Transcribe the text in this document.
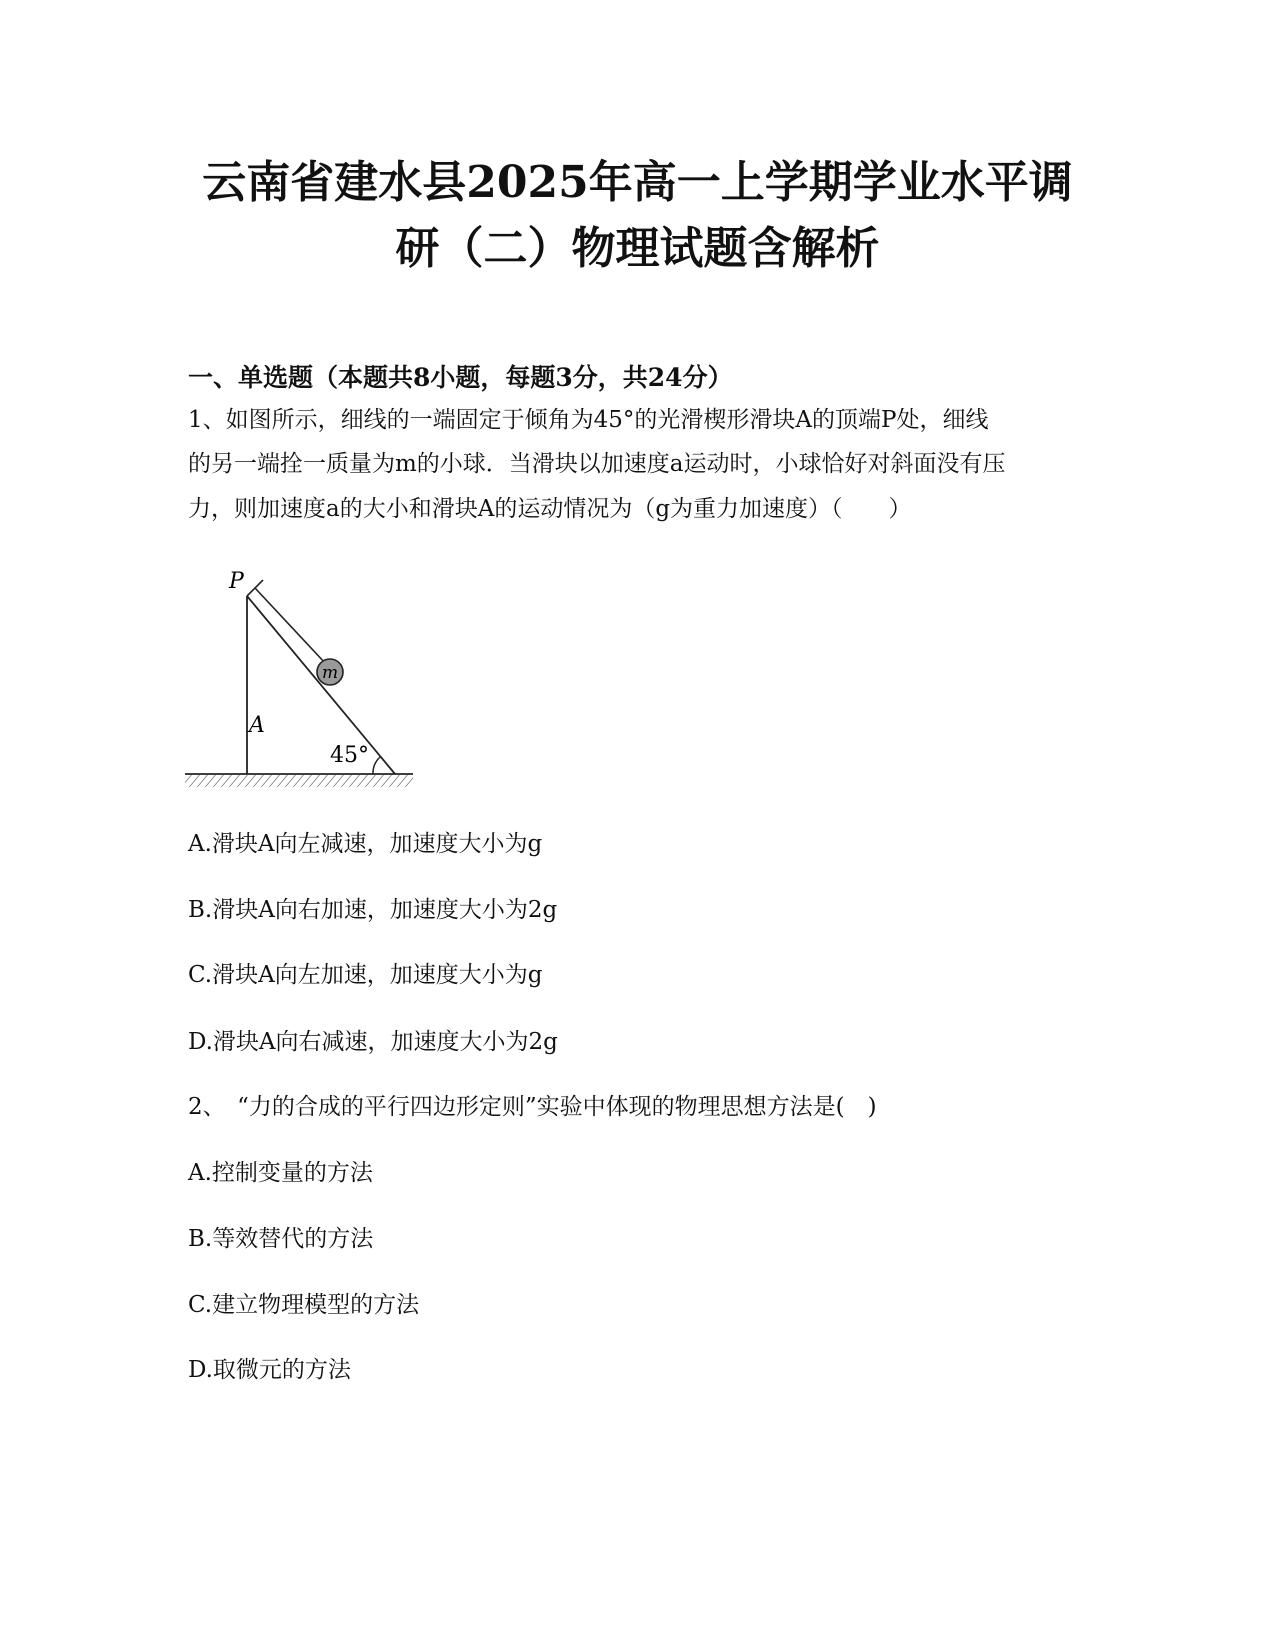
云南省建水县2025年高一上学期学业水平调
研（二）物理试题含解析
一、单选题（本题共8小题，每题3分，共24分）
1、如图所示，细线的一端固定于倾角为45°的光滑楔形滑块A的顶端P处，细线
的另一端拴一质量为m的小球．当滑块以加速度a运动时，小球恰好对斜面没有压
力，则加速度a的大小和滑块A的运动情况为（g为重力加速度）（　　）
m
P
A
45°
A.滑块A向左减速，加速度大小为g
B.滑块A向右加速，加速度大小为2g
C.滑块A向左加速，加速度大小为g
D.滑块A向右减速，加速度大小为2g
2、　“力的合成的平行四边形定则”实验中体现的物理思想方法是(　)
A.控制变量的方法
B.等效替代的方法
C.建立物理模型的方法
D.取微元的方法
